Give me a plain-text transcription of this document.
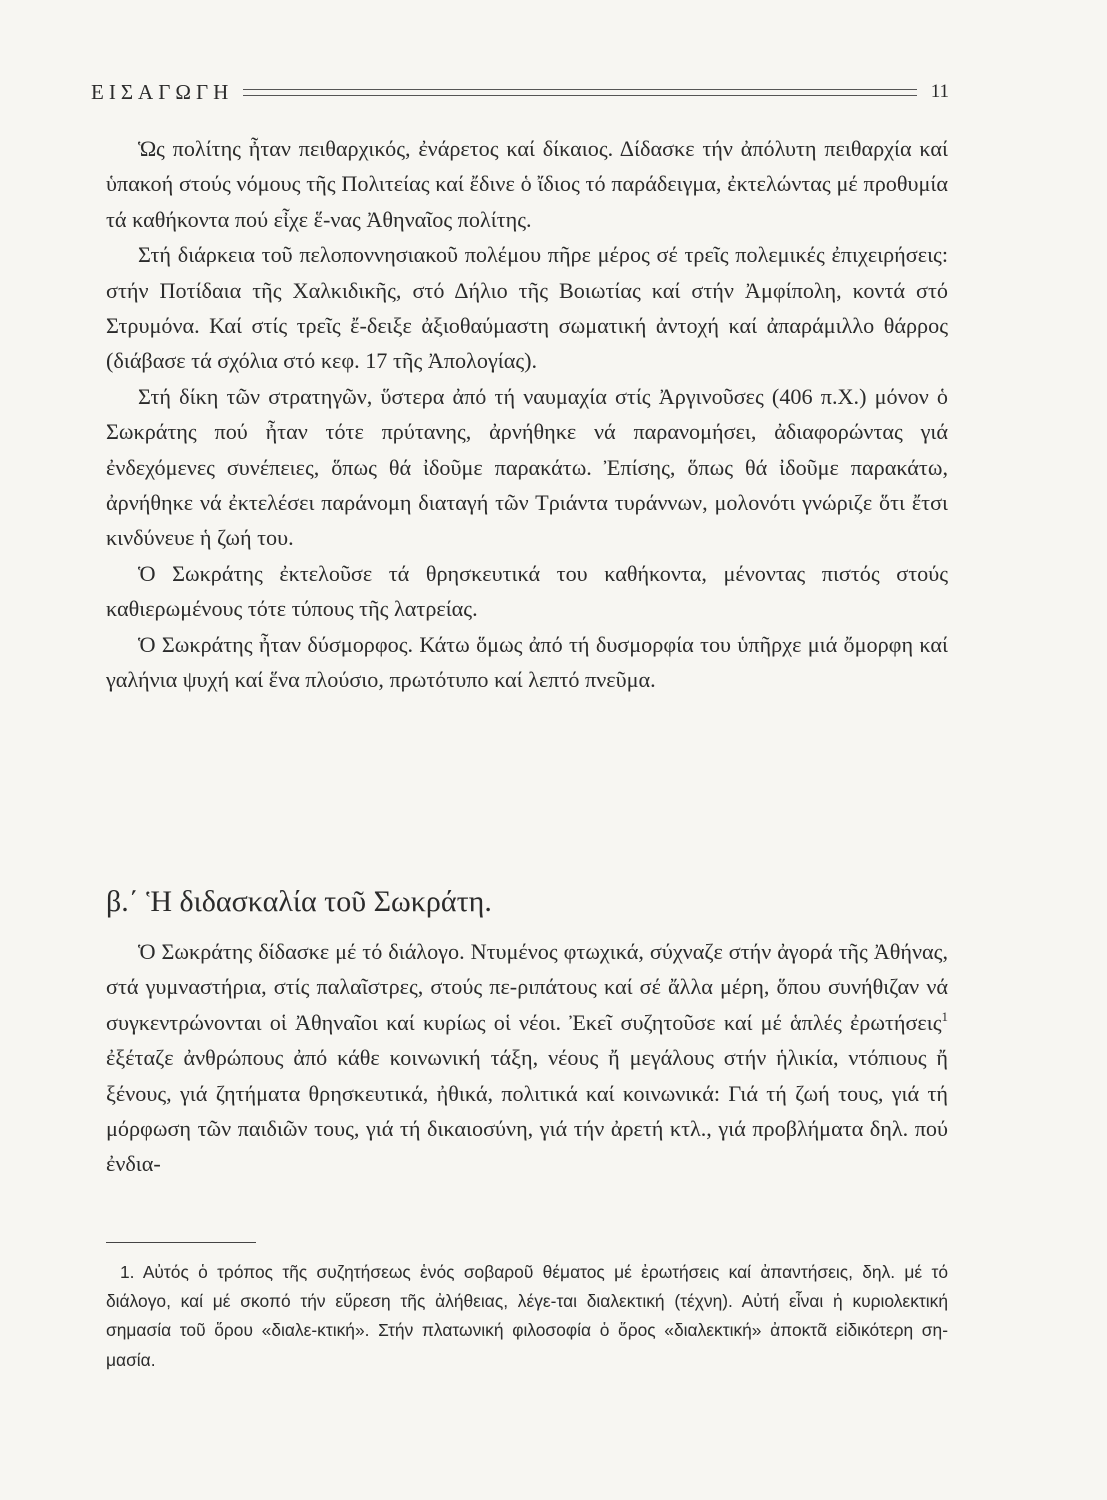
ΕΙΣΑΓΩΓΗ	11

Ὡς πολίτης ἦταν πειθαρχικός, ἐνάρετος καί δίκαιος. Δίδασκε τήν ἀπόλυτη πειθαρχία καί ὑπακοή στούς νόμους τῆς Πολιτείας καί ἔδινε ὁ ἴδιος τό παράδειγμα, ἐκτελώντας μέ προθυμία τά καθήκοντα πού εἶχε ἕ-νας Ἀθηναῖος πολίτης.

Στή διάρκεια τοῦ πελοποννησιακοῦ πολέμου πῆρε μέρος σέ τρεῖς πολεμικές ἐπιχειρήσεις: στήν Ποτίδαια τῆς Χαλκιδικῆς, στό Δήλιο τῆς Βοιωτίας καί στήν Ἀμφίπολη, κοντά στό Στρυμόνα. Καί στίς τρεῖς ἔ-δειξε ἀξιοθαύμαστη σωματική ἀντοχή καί ἀπαράμιλλο θάρρος (διάβασε τά σχόλια στό κεφ. 17 τῆς Ἀπολογίας).

Στή δίκη τῶν στρατηγῶν, ὕστερα ἀπό τή ναυμαχία στίς Ἀργινοῦσες (406 π.Χ.) μόνον ὁ Σωκράτης πού ἦταν τότε πρύτανης, ἀρνήθηκε νά παρανομήσει, ἀδιαφορώντας γιά ἐνδεχόμενες συνέπειες, ὅπως θά ἰδοῦμε παρακάτω. Ἐπίσης, ὅπως θά ἰδοῦμε παρακάτω, ἀρνήθηκε νά ἐκτελέσει παράνομη διαταγή τῶν Τριάντα τυράννων, μολονότι γνώριζε ὅτι ἔτσι κινδύνευε ἡ ζωή του.

Ὁ Σωκράτης ἐκτελοῦσε τά θρησκευτικά του καθήκοντα, μένοντας πιστός στούς καθιερωμένους τότε τύπους τῆς λατρείας.

Ὁ Σωκράτης ἦταν δύσμορφος. Κάτω ὅμως ἀπό τή δυσμορφία του ὑπῆρχε μιά ὄμορφη καί γαλήνια ψυχή καί ἕνα πλούσιο, πρωτότυπο καί λεπτό πνεῦμα.

β.΄ Ἡ διδασκαλία τοῦ Σωκράτη.

Ὁ Σωκράτης δίδασκε μέ τό διάλογο. Ντυμένος φτωχικά, σύχναζε στήν ἀγορά τῆς Ἀθήνας, στά γυμναστήρια, στίς παλαῖστρες, στούς πε-ριπάτους καί σέ ἄλλα μέρη, ὅπου συνήθιζαν νά συγκεντρώνονται οἱ Ἀθηναῖοι καί κυρίως οἱ νέοι. Ἐκεῖ συζητοῦσε καί μέ ἁπλές ἐρωτήσεις$^1$ ἐξέταζε ἀνθρώπους ἀπό κάθε κοινωνική τάξη, νέους ἤ μεγάλους στήν ἡλικία, ντόπιους ἤ ξένους, γιά ζητήματα θρησκευτικά, ἠθικά, πολιτικά καί κοινωνικά: Γιά τή ζωή τους, γιά τή μόρφωση τῶν παιδιῶν τους, γιά τή δικαιοσύνη, γιά τήν ἀρετή κτλ., γιά προβλήματα δηλ. πού ἐνδια-

1. Αὐτός ὁ τρόπος τῆς συζητήσεως ἑνός σοβαροῦ θέματος μέ ἐρωτήσεις καί ἀπαντήσεις, δηλ. μέ τό διάλογο, καί μέ σκοπό τήν εὕρεση τῆς ἀλήθειας, λέγε-ται διαλεκτική (τέχνη). Αὐτή εἶναι ἡ κυριολεκτική σημασία τοῦ ὅρου «διαλε-κτική». Στήν πλατωνική φιλοσοφία ὁ ὅρος «διαλεκτική» ἀποκτᾶ εἰδικότερη ση-μασία.
